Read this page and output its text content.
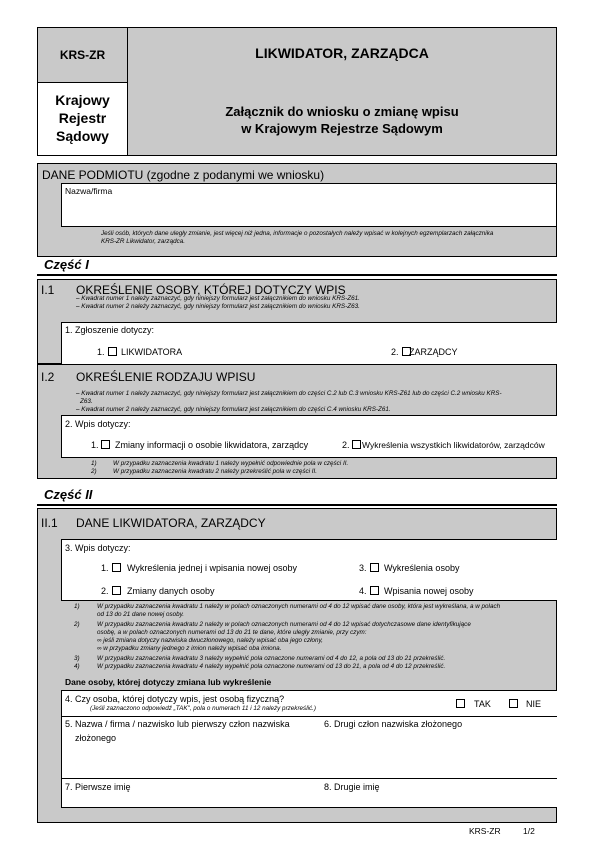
KRS-ZR
Krajowy
Rejestr
Sądowy
LIKWIDATOR, ZARZĄDCA
Załącznik do wniosku o zmianę wpisu
w Krajowym Rejestrze Sądowym
DANE PODMIOTU (zgodne z podanymi we wniosku)
Nazwa/firma
Jeśli osób, których dane uległy zmianie, jest więcej niż jedna, informacje o pozostałych należy wpisać w kolejnych egzemplarzach załącznika
KRS-ZR Likwidator, zarządca.
Część I
I.1 OKREŚLENIE OSOBY, KTÓREJ DOTYCZY WPIS
– Kwadrat numer 1 należy zaznaczyć, gdy niniejszy formularz jest załącznikiem do wniosku KRS-Z61.
– Kwadrat numer 2 należy zaznaczyć, gdy niniejszy formularz jest załącznikiem do wniosku KRS-Z63.
1. Zgłoszenie dotyczy:
1. LIKWIDATORA	2. ZARZĄDCY
I.2 OKREŚLENIE RODZAJU WPISU
– Kwadrat numer 1 należy zaznaczyć, gdy niniejszy formularz jest załącznikiem do części C.2 lub C.3 wniosku KRS-Z61 lub do części C.2 wniosku KRS-
Z63.
– Kwadrat numer 2 należy zaznaczyć, gdy niniejszy formularz jest załącznikiem do części C.4 wniosku KRS-Z61.
2. Wpis dotyczy:
1. Zmiany informacji o osobie likwidatora, zarządcy	2. Wykreślenia wszystkich likwidatorów, zarządców
1)	W przypadku zaznaczenia kwadratu 1 należy wypełnić odpowiednie pola w części II.
2)	W przypadku zaznaczenia kwadratu 2 należy przekreślić pola w części II.
Część II
II.1 DANE LIKWIDATORA, ZARZĄDCY
3. Wpis dotyczy:
1. Wykreślenia jednej i wpisania nowej osoby	3. Wykreślenia osoby
2. Zmiany danych osoby	4. Wpisania nowej osoby
1)	W przypadku zaznaczenia kwadratu 1 należy w polach oznaczonych numerami od 4 do 12 wpisać dane osoby, która jest wykreślana, a w polach
od 13 do 21 dane nowej osoby.
2)	W przypadku zaznaczenia kwadratu 2 należy w polach oznaczonych numerami od 4 do 12 wpisać dotychczasowe dane identyfikujące
osobę, a w polach oznaczonych numerami od 13 do 21 te dane, które uległy zmianie, przy czym:
∞ jeśli zmiana dotyczy nazwiska dwuczłonowego, należy wpisać oba jego człony,
∞ w przypadku zmiany jednego z imion należy wpisać oba imiona.
3)	W przypadku zaznaczenia kwadratu 3 należy wypełnić pola oznaczone numerami od 4 do 12, a pola od 13 do 21 przekreślić.
4)	W przypadku zaznaczenia kwadratu 4 należy wypełnić pola oznaczone numerami od 13 do 21, a pola od 4 do 12 przekreślić.
Dane osoby, której dotyczy zmiana lub wykreślenie
4. Czy osoba, której dotyczy wpis, jest osobą fizyczną?
(Jeśli zaznaczono odpowiedź „TAK", pola o numerach 11 i 12 należy przekreślić.)	TAK	NIE
5. Nazwa / firma / nazwisko lub pierwszy człon nazwiska
złożonego
6. Drugi człon nazwiska złożonego
7. Pierwsze imię	8. Drugie imię
KRS-ZR	1/2
